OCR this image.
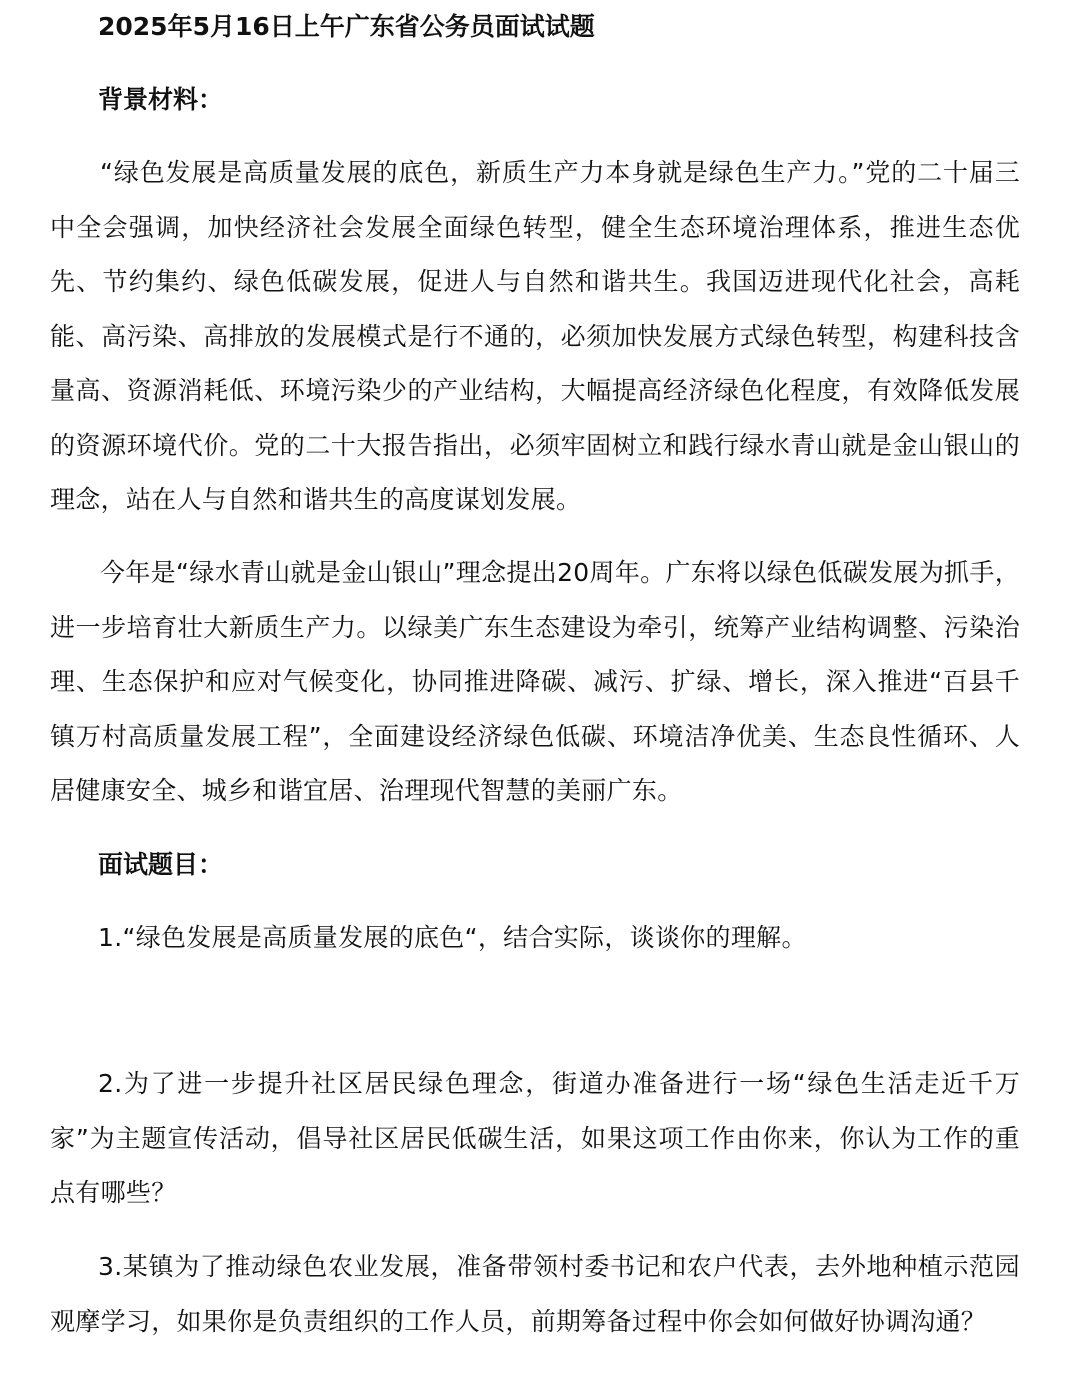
2025年5月16日上午广东省公务员面试试题
背景材料：
“绿色发展是高质量发展的底色，新质生产力本身就是绿色生产力。”党的二十届三中全会强调，加快经济社会发展全面绿色转型，健全生态环境治理体系，推进生态优先、节约集约、绿色低碳发展，促进人与自然和谐共生。我国迈进现代化社会，高耗能、高污染、高排放的发展模式是行不通的，必须加快发展方式绿色转型，构建科技含量高、资源消耗低、环境污染少的产业结构，大幅提高经济绿色化程度，有效降低发展的资源环境代价。党的二十大报告指出，必须牢固树立和践行绿水青山就是金山银山的理念，站在人与自然和谐共生的高度谋划发展。
今年是“绿水青山就是金山银山”理念提出20周年。广东将以绿色低碳发展为抓手，进一步培育壮大新质生产力。以绿美广东生态建设为牵引，统筹产业结构调整、污染治理、生态保护和应对气候变化，协同推进降碳、减污、扩绿、增长，深入推进“百县千镇万村高质量发展工程”，全面建设经济绿色低碳、环境洁净优美、生态良性循环、人居健康安全、城乡和谐宜居、治理现代智慧的美丽广东。
面试题目：
1.“绿色发展是高质量发展的底色“，结合实际，谈谈你的理解。
2.为了进一步提升社区居民绿色理念，街道办准备进行一场“绿色生活走近千万家”为主题宣传活动，倡导社区居民低碳生活，如果这项工作由你来，你认为工作的重点有哪些？
3.某镇为了推动绿色农业发展，准备带领村委书记和农户代表，去外地种植示范园观摩学习，如果你是负责组织的工作人员，前期筹备过程中你会如何做好协调沟通？
